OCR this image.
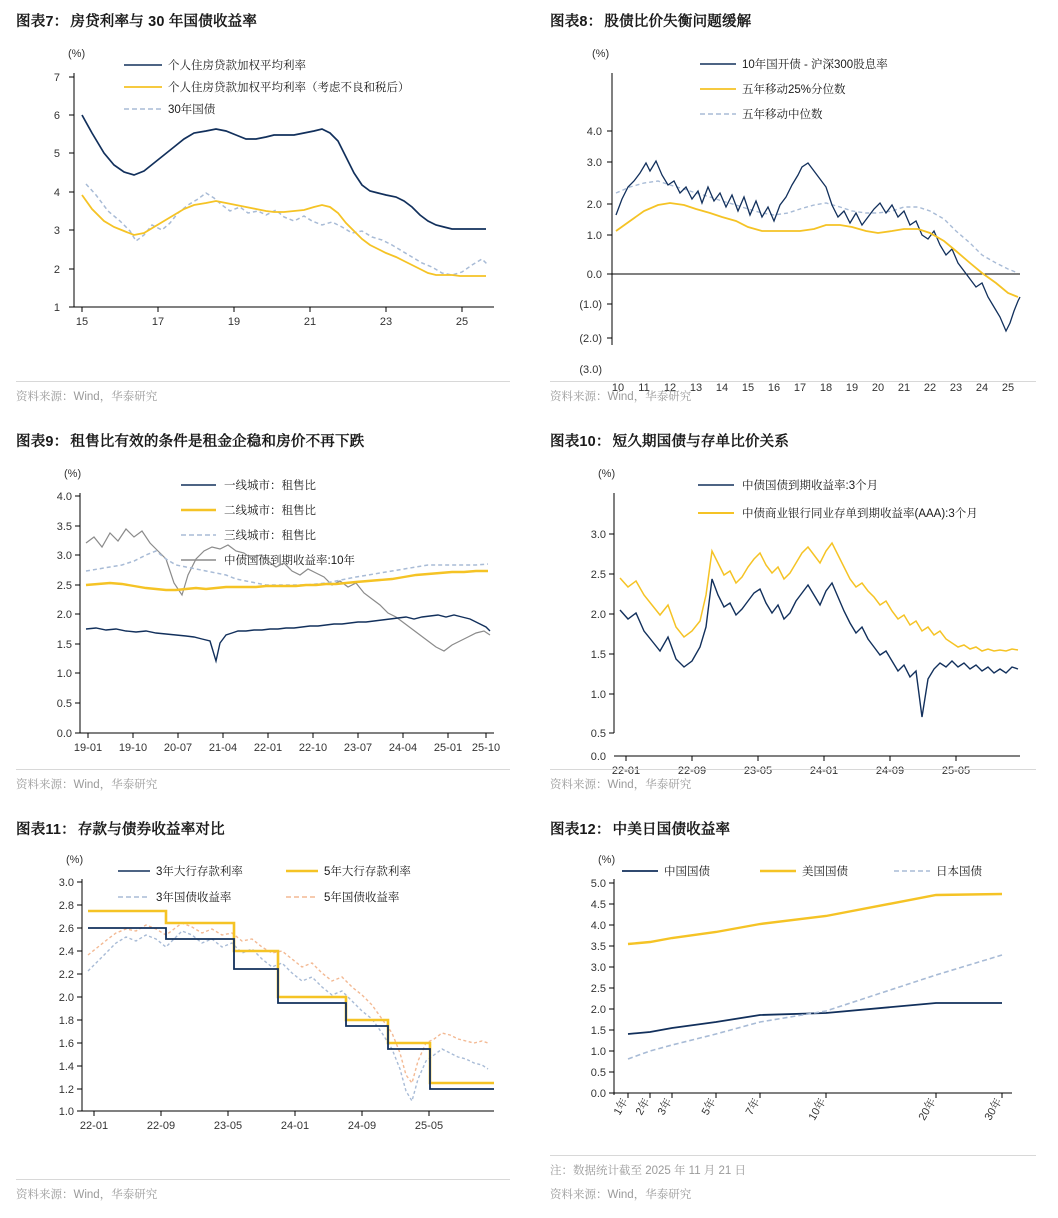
图表7： 房贷利率与 30 年国债收益率
(%)
7
6
5
4
3
2
1
15	17	19	21	23	25
个人住房贷款加权平均利率
个人住房贷款加权平均利率（考虑不良和税后）
30年国债
资料来源：Wind，华泰研究
图表8： 股债比价失衡问题缓解
(%)
4.0
3.0
2.0
1.0
0.0
(1.0)
(2.0)
(3.0)
10 11 12 13 14 15 16 17 18 19 20 21 22 23 24 25
10年国开债 - 沪深300股息率
五年移动25%分位数
五年移动中位数
资料来源：Wind，华泰研究
图表9： 租售比有效的条件是租金企稳和房价不再下跌
(%)
4.0
3.5
3.0
2.5
2.0
1.5
1.0
0.5
0.0
19-01 19-10 20-07 21-04 22-01 22-10 23-07 24-04 25-01 25-10
一线城市：租售比
二线城市：租售比
三线城市：租售比
中债国债到期收益率:10年
资料来源：Wind，华泰研究
图表10： 短久期国债与存单比价关系
(%)
3.0
2.5
2.0
1.5
1.0
0.5
0.0
22-01	22-09	23-05	24-01	24-09	25-05
中债国债到期收益率:3个月
中债商业银行同业存单到期收益率(AAA):3个月
资料来源：Wind，华泰研究
图表11： 存款与债券收益率对比
(%)
3.0
2.8
2.6
2.4
2.2
2.0
1.8
1.6
1.4
1.2
1.0
22-01	22-09	23-05	24-01	24-09	25-05
3年大行存款利率	5年大行存款利率
3年国债收益率	5年国债收益率
资料来源：Wind，华泰研究
图表12： 中美日国债收益率
(%)
5.0
4.5
4.0
3.5
3.0
2.5
2.0
1.5
1.0
0.5
0.0
1年 2年 3年 5年 7年	10年	20年	30年
中国国债	美国国债	日本国债
注：数据统计截至 2025 年 11 月 21 日
资料来源：Wind，华泰研究
